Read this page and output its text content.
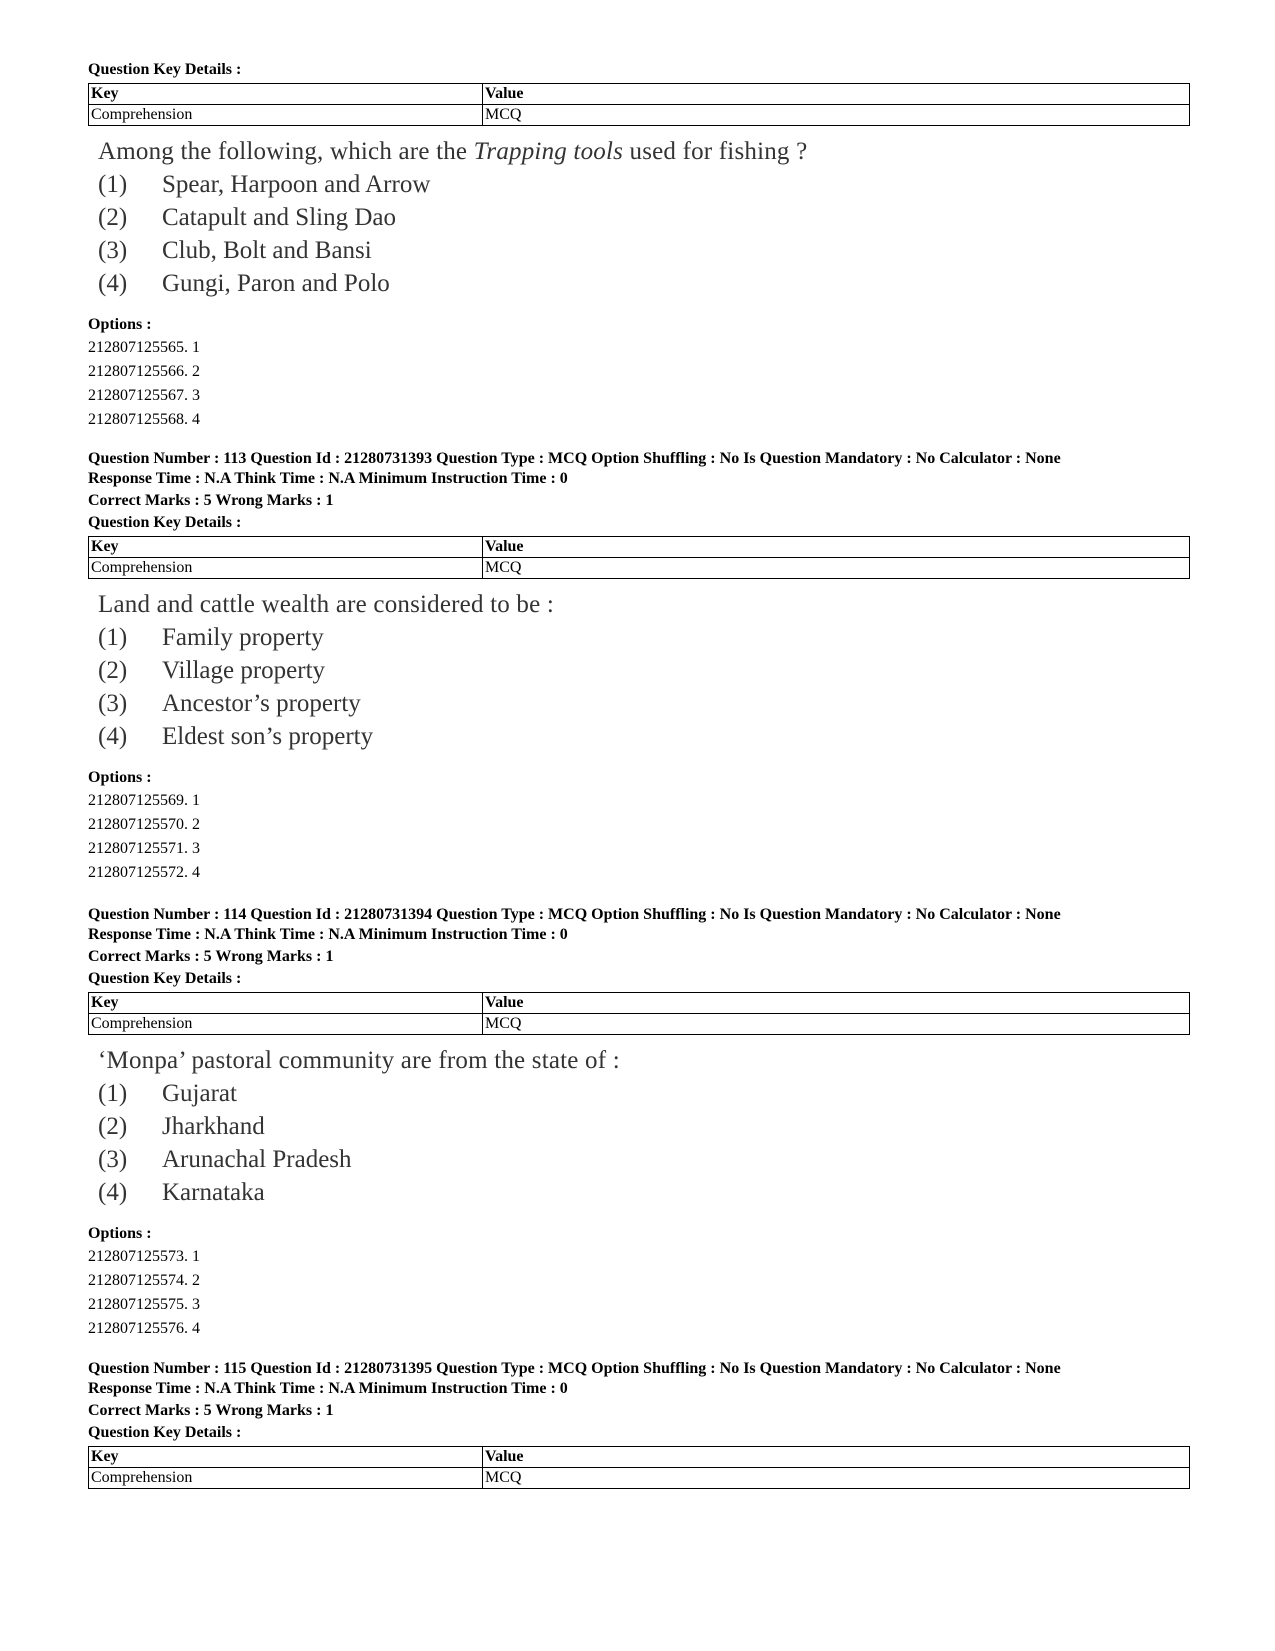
Question Key Details :
Key	Value
Comprehension	MCQ
Among the following, which are the Trapping tools used for fishing ?
(1) Spear, Harpoon and Arrow
(2) Catapult and Sling Dao
(3) Club, Bolt and Bansi
(4) Gungi, Paron and Polo
Options :
212807125565. 1
212807125566. 2
212807125567. 3
212807125568. 4
Question Number : 113 Question Id : 21280731393 Question Type : MCQ Option Shuffling : No Is Question Mandatory : No Calculator : None
Response Time : N.A Think Time : N.A Minimum Instruction Time : 0
Correct Marks : 5 Wrong Marks : 1
Question Key Details :
Key	Value
Comprehension	MCQ
Land and cattle wealth are considered to be :
(1) Family property
(2) Village property
(3) Ancestor’s property
(4) Eldest son’s property
Options :
212807125569. 1
212807125570. 2
212807125571. 3
212807125572. 4
Question Number : 114 Question Id : 21280731394 Question Type : MCQ Option Shuffling : No Is Question Mandatory : No Calculator : None
Response Time : N.A Think Time : N.A Minimum Instruction Time : 0
Correct Marks : 5 Wrong Marks : 1
Question Key Details :
Key	Value
Comprehension	MCQ
‘Monpa’ pastoral community are from the state of :
(1) Gujarat
(2) Jharkhand
(3) Arunachal Pradesh
(4) Karnataka
Options :
212807125573. 1
212807125574. 2
212807125575. 3
212807125576. 4
Question Number : 115 Question Id : 21280731395 Question Type : MCQ Option Shuffling : No Is Question Mandatory : No Calculator : None
Response Time : N.A Think Time : N.A Minimum Instruction Time : 0
Correct Marks : 5 Wrong Marks : 1
Question Key Details :
Key	Value
Comprehension	MCQ
